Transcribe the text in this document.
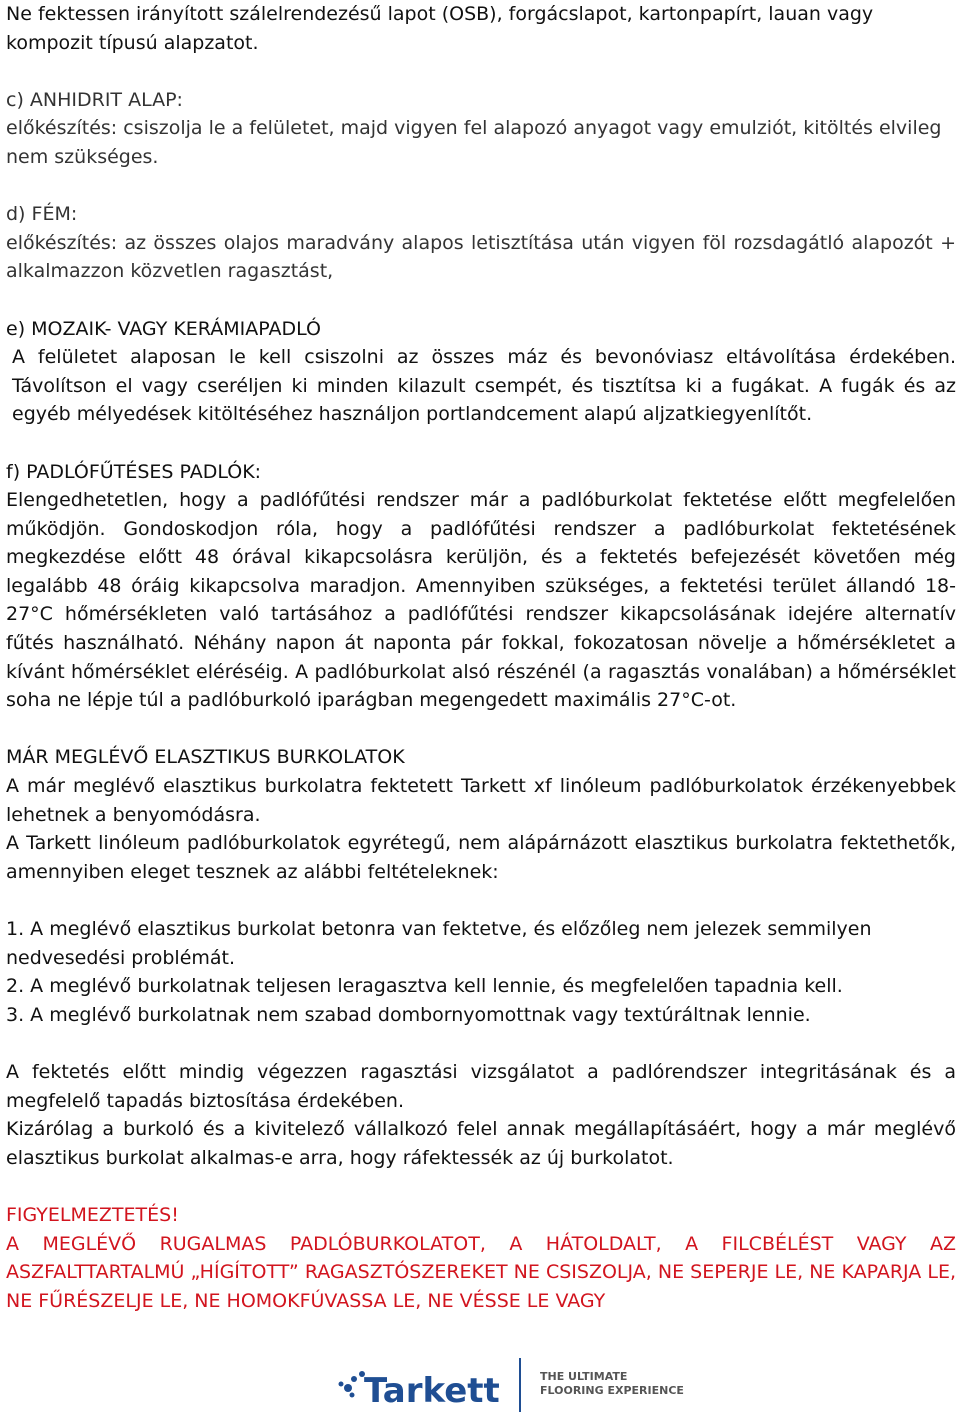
Ne fektessen irányított szálelrendezésű lapot (OSB), forgácslapot, kartonpapírt, lauan vagy kompozit típusú alapzatot.

c) ANHIDRIT ALAP:

előkészítés: csiszolja le a felületet, majd vigyen fel alapozó anyagot vagy emulziót, kitöltés elvileg nem szükséges.

d) FÉM:

előkészítés: az összes olajos maradvány alapos letisztítása után vigyen föl rozsdagátló alapozót + alkalmazzon közvetlen ragasztást,

e) MOZAIK- VAGY KERÁMIAPADLÓ

A felületet alaposan le kell csiszolni az összes máz és bevonóviasz eltávolítása érdekében. Távolítson el vagy cseréljen ki minden kilazult csempét, és tisztítsa ki a fugákat. A fugák és az egyéb mélyedések kitöltéséhez használjon portlandcement alapú aljzatkiegyenlítőt.

f) PADLÓFŰTÉSES PADLÓK:

Elengedhetetlen, hogy a padlófűtési rendszer már a padlóburkolat fektetése előtt megfelelően működjön. Gondoskodjon róla, hogy a padlófűtési rendszer a padlóburkolat fektetésének megkezdése előtt 48 órával kikapcsolásra kerüljön, és a fektetés befejezését követően még legalább 48 óráig kikapcsolva maradjon. Amennyiben szükséges, a fektetési terület állandó 18-27°C hőmérsékleten való tartásához a padlófűtési rendszer kikapcsolásának idejére alternatív fűtés használható. Néhány napon át naponta pár fokkal, fokozatosan növelje a hőmérsékletet a kívánt hőmérséklet eléréséig. A padlóburkolat alsó részénél (a ragasztás vonalában) a hőmérséklet soha ne lépje túl a padlóburkoló iparágban megengedett maximális 27°C-ot.

MÁR MEGLÉVŐ ELASZTIKUS BURKOLATOK

A már meglévő elasztikus burkolatra fektetett Tarkett xf linóleum padlóburkolatok érzékenyebbek lehetnek a benyomódásra.

A Tarkett linóleum padlóburkolatok egyrétegű, nem alápárnázott elasztikus burkolatra fektethetők, amennyiben eleget tesznek az alábbi feltételeknek:

1. A meglévő elasztikus burkolat betonra van fektetve, és előzőleg nem jelezek semmilyen nedvesedési problémát.

2. A meglévő burkolatnak teljesen leragasztva kell lennie, és megfelelően tapadnia kell.

3. A meglévő burkolatnak nem szabad dombornyomottnak vagy textúráltnak lennie.

A fektetés előtt mindig végezzen ragasztási vizsgálatot a padlórendszer integritásának és a megfelelő tapadás biztosítása érdekében.

Kizárólag a burkoló és a kivitelező vállalkozó felel annak megállapításáért, hogy a már meglévő elasztikus burkolat alkalmas-e arra, hogy ráfektessék az új burkolatot.

FIGYELMEZTETÉS!

A MEGLÉVŐ RUGALMAS PADLÓBURKOLATOT, A HÁTOLDALT, A FILCBÉLÉST VAGY AZ ASZFALTTARTALMÚ „HÍGÍTOTT” RAGASZTÓSZEREKET NE CSISZOLJA, NE SEPERJE LE, NE KAPARJA LE, NE FŰRÉSZELJE LE, NE HOMOKFÚVASSA LE, NE VÉSSE LE VAGY

Tarkett	THE ULTIMATE
FLOORING EXPERIENCE
